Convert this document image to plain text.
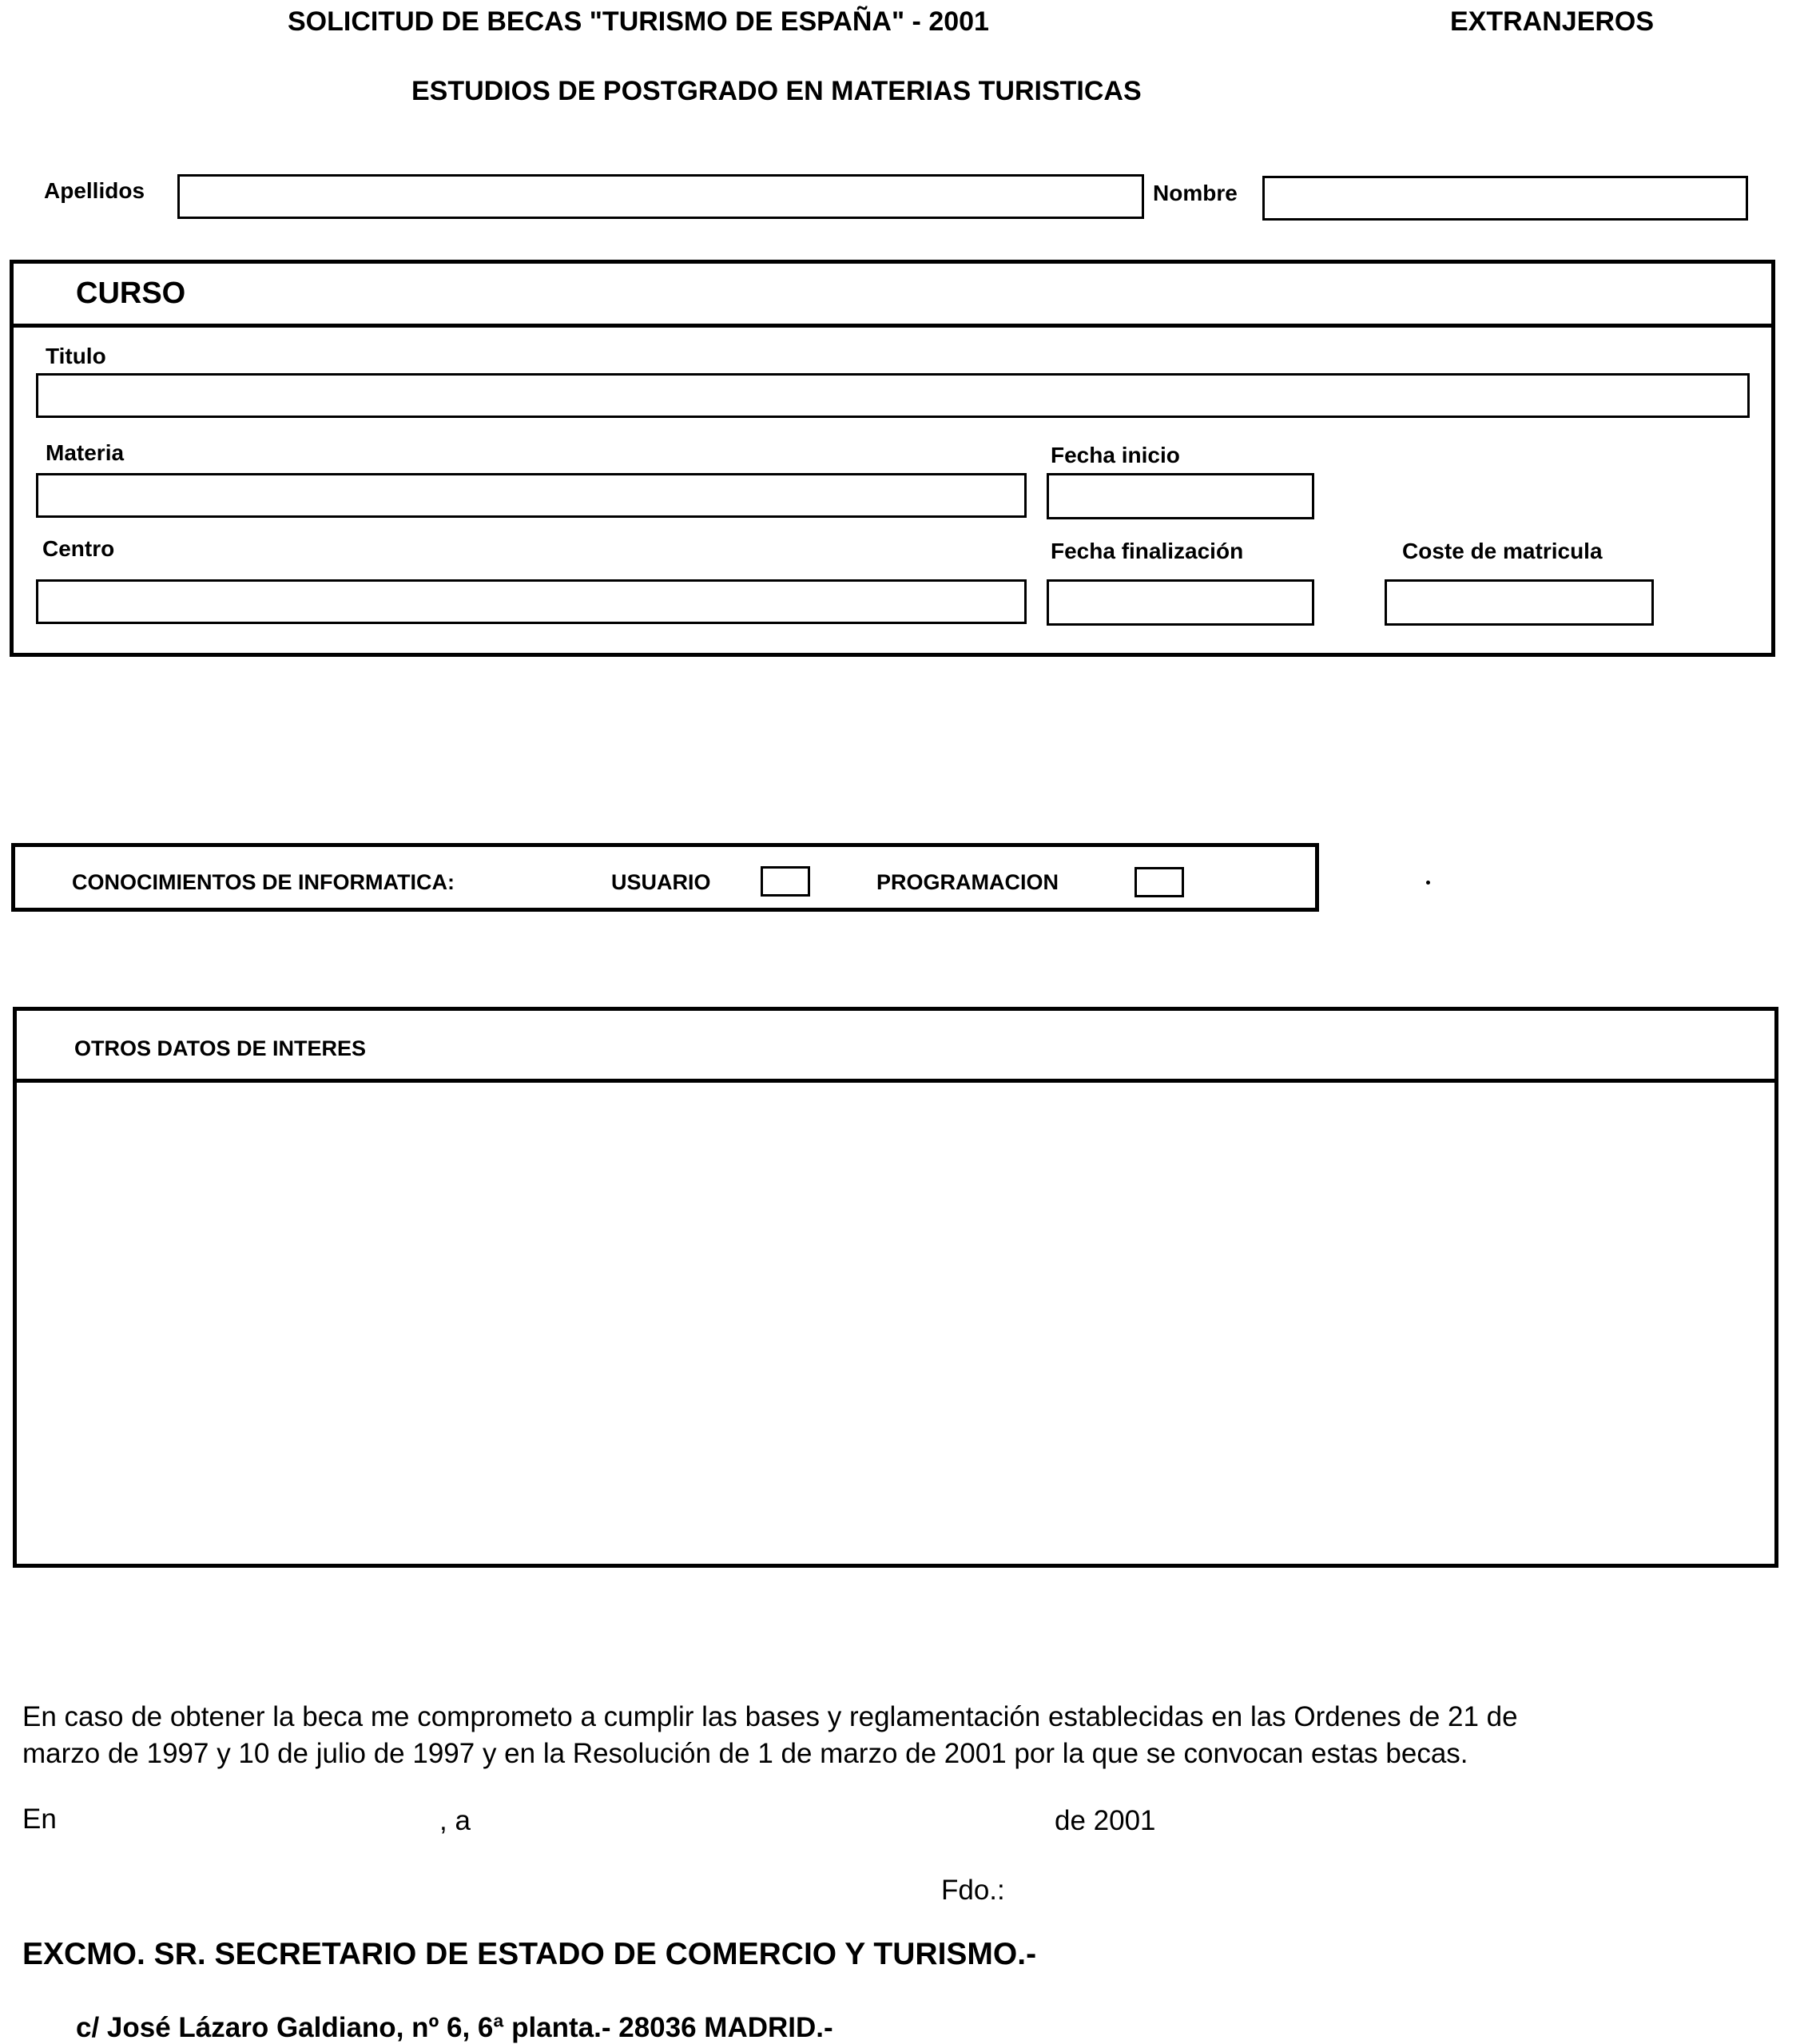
SOLICITUD DE BECAS "TURISMO DE ESPAÑA" - 2001	EXTRANJEROS
ESTUDIOS DE POSTGRADO EN MATERIAS TURISTICAS
Apellidos	Nombre
CURSO
Titulo
Materia	Fecha inicio
Centro	Fecha finalización	Coste de matricula
CONOCIMIENTOS DE INFORMATICA:	USUARIO	PROGRAMACION
OTROS DATOS DE INTERES
En caso de obtener la beca me comprometo a cumplir las bases y reglamentación establecidas en las Ordenes de 21 de
marzo de 1997 y 10 de julio de 1997 y en la Resolución de 1 de marzo de 2001 por la que se convocan estas becas.
En	, a	de 2001
Fdo.:
EXCMO. SR. SECRETARIO DE ESTADO DE COMERCIO Y TURISMO.-
c/ José Lázaro Galdiano, nº 6, 6ª planta.- 28036 MADRID.-
